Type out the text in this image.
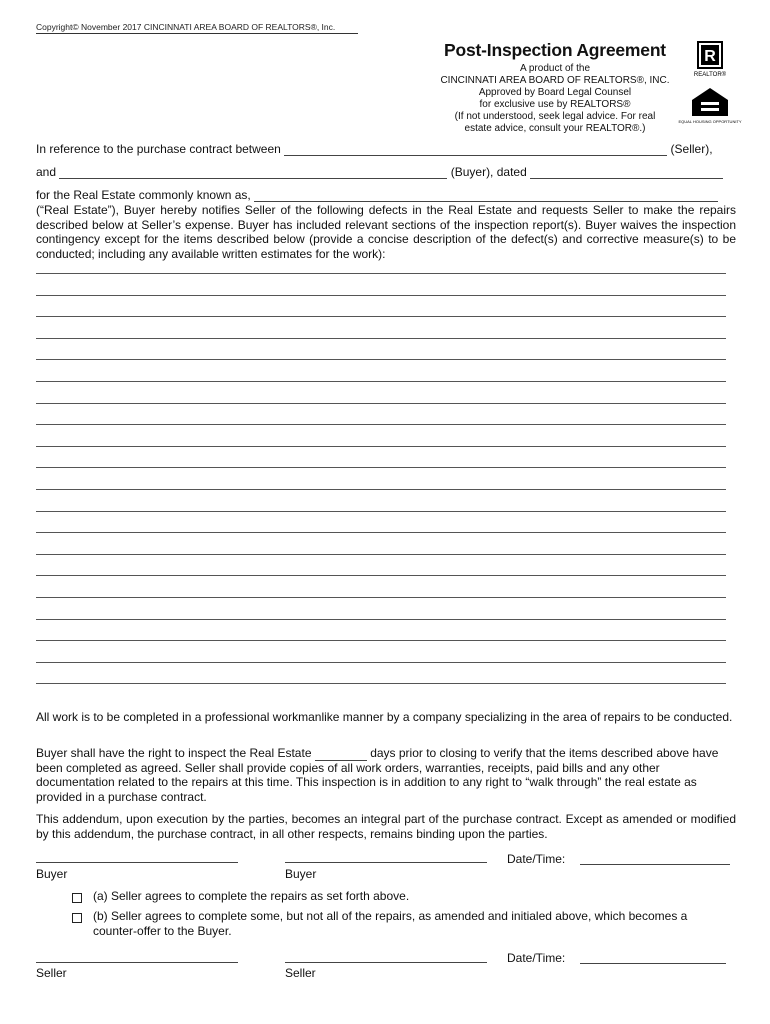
Copyright© November 2017 CINCINNATI AREA BOARD OF REALTORS®, Inc.
Post-Inspection Agreement
A product of the
CINCINNATI AREA BOARD OF REALTORS®, INC.
Approved by Board Legal Counsel
for exclusive use by REALTORS®
(If not understood, seek legal advice. For real
estate advice, consult your REALTOR®.)
R
REALTOR®
EQUAL HOUSING OPPORTUNITY
In reference to the purchase contract between	(Seller),
and	(Buyer), dated
for the Real Estate commonly known as,
(“Real Estate”), Buyer hereby notifies Seller of the following defects in the Real Estate and requests Seller to make the repairs described below at Seller’s expense. Buyer has included relevant sections of the inspection report(s). Buyer waives the inspection contingency except for the items described below (provide a concise description of the defect(s) and corrective measure(s) to be conducted; including any available written estimates for the work):
All work is to be completed in a professional workmanlike manner by a company specializing in the area of repairs to be conducted.
Buyer shall have the right to inspect the Real Estate	days prior to closing to verify that the items described above have been completed as agreed. Seller shall provide copies of all work orders, warranties, receipts, paid bills and any other documentation related to the repairs at this time. This inspection is in addition to any right to “walk through” the real estate as provided in a purchase contract.
This addendum, upon execution by the parties, becomes an integral part of the purchase contract. Except as amended or modified by this addendum, the purchase contract, in all other respects, remains binding upon the parties.
Buyer	Buyer
Date/Time:
(a) Seller agrees to complete the repairs as set forth above.
(b) Seller agrees to complete some, but not all of the repairs, as amended and initialed above, which becomes a counter-offer to the Buyer.
Seller	Seller
Date/Time:
